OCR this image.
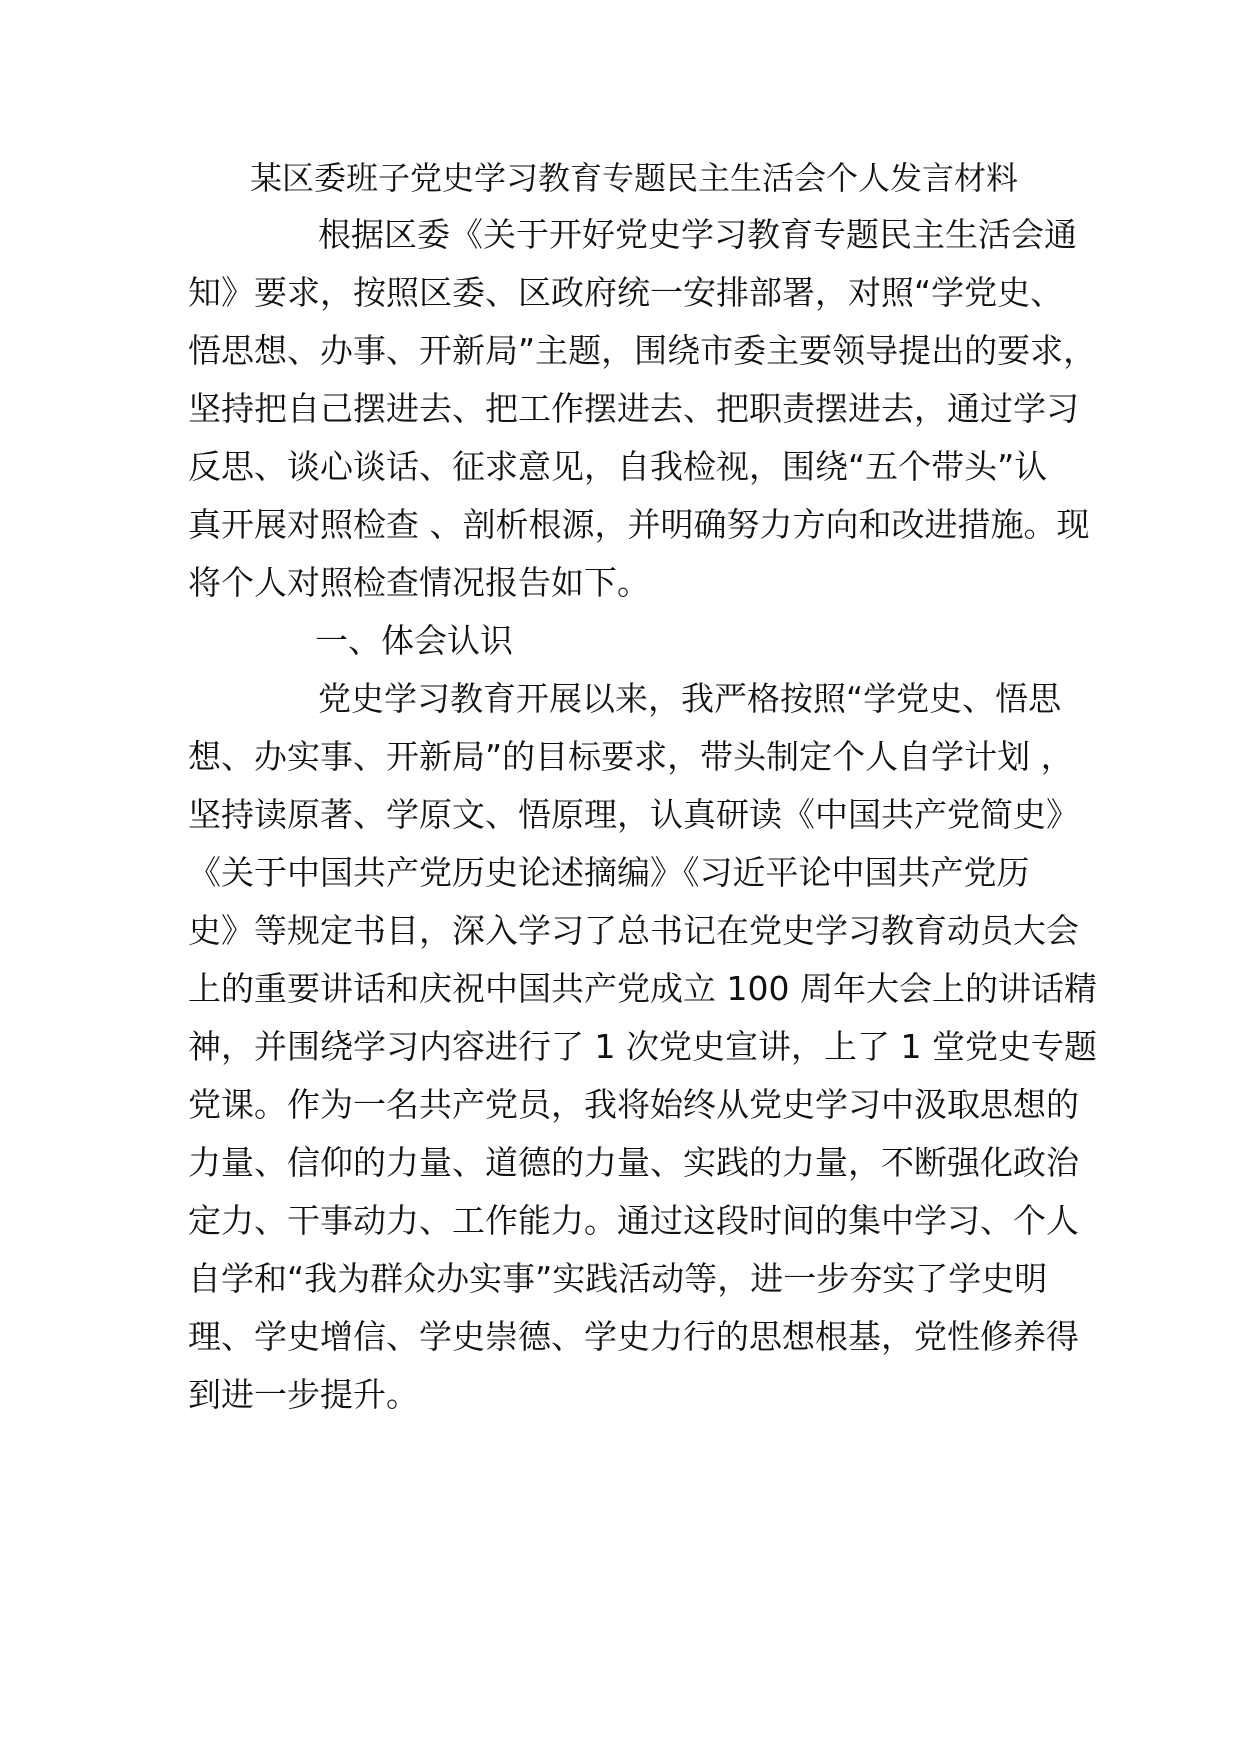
某区委班子党史学习教育专题民主生活会个人发言材料

根据区委《关于开好党史学习教育专题民主生活会通

知》要求，按照区委、区政府统一安排部署，对照“学党史、

悟思想、办事、开新局”主题，围绕市委主要领导提出的要求，

坚持把自己摆进去、把工作摆进去、把职责摆进去，通过学习

反思、谈心谈话、征求意见，自我检视，围绕“五个带头”认

真开展对照检查 、剖析根源，并明确努力方向和改进措施。现

将个人对照检查情况报告如下。

一、体会认识

党史学习教育开展以来，我严格按照“学党史、悟思

想、办实事、开新局”的目标要求，带头制定个人自学计划 ，

坚持读原著、学原文、悟原理，认真研读《中国共产党简史》

《关于中国共产党历史论述摘编》《习近平论中国共产党历

史》等规定书目，深入学习了总书记在党史学习教育动员大会

上的重要讲话和庆祝中国共产党成立 100 周年大会上的讲话精

神，并围绕学习内容进行了 1 次党史宣讲，上了 1 堂党史专题

党课。作为一名共产党员，我将始终从党史学习中汲取思想的

力量、信仰的力量、道德的力量、实践的力量，不断强化政治

定力、干事动力、工作能力。通过这段时间的集中学习、个人

自学和“我为群众办实事”实践活动等，进一步夯实了学史明

理、学史增信、学史崇德、学史力行的思想根基，党性修养得

到进一步提升。
